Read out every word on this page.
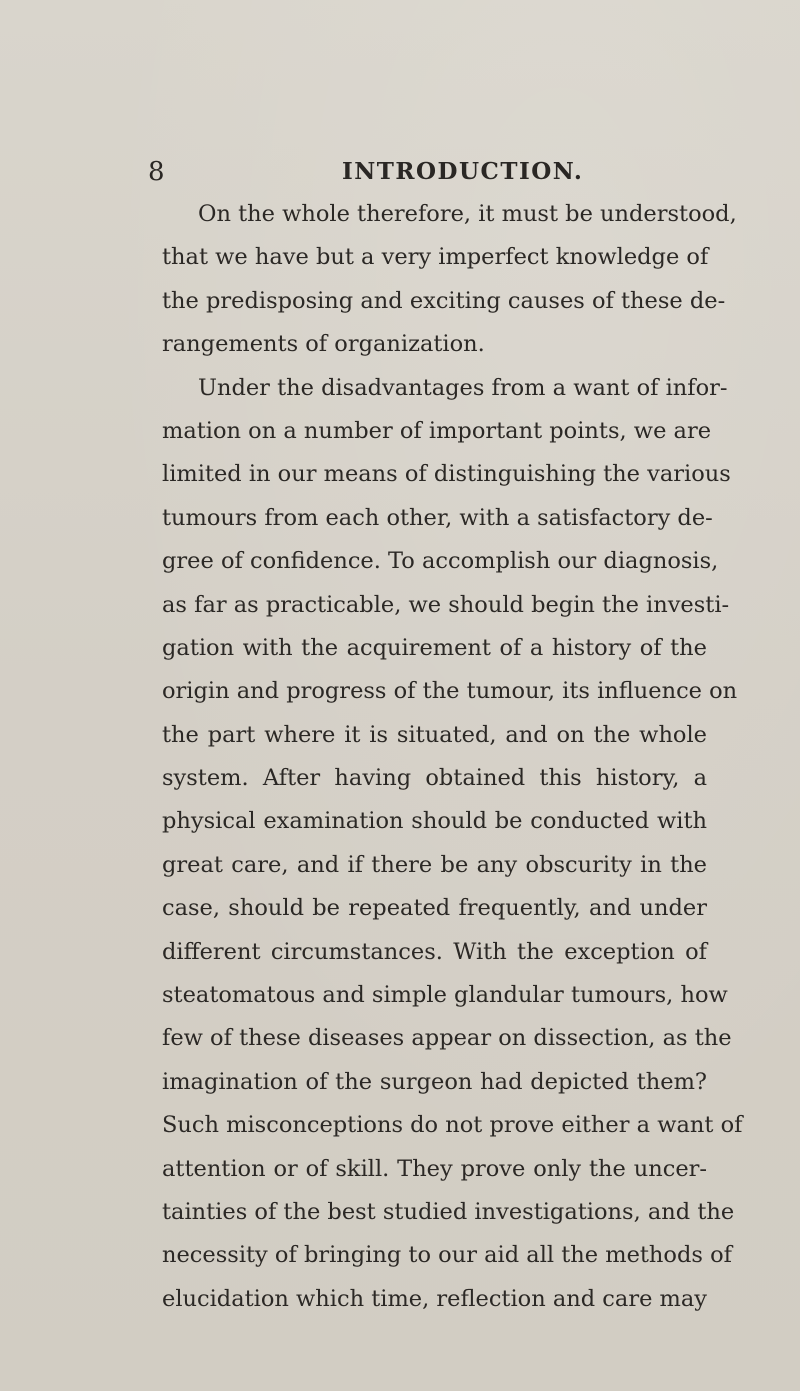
8	INTRODUCTION.
On the whole therefore, it must be understood,
that we have but a very imperfect knowledge of
the predisposing and exciting causes of these de-
rangements of organization.
Under the disadvantages from a want of infor-
mation on a number of important points, we are
limited in our means of distinguishing the various
tumours from each other, with a satisfactory de-
gree of confidence. To accomplish our diagnosis,
as far as practicable, we should begin the investi-
gation with the acquirement of a history of the
origin and progress of the tumour, its influence on
the part where it is situated, and on the whole
system. After having obtained this history, a
physical examination should be conducted with
great care, and if there be any obscurity in the
case, should be repeated frequently, and under
different circumstances. With the exception of
steatomatous and simple glandular tumours, how
few of these diseases appear on dissection, as the
imagination of the surgeon had depicted them?
Such misconceptions do not prove either a want of
attention or of skill. They prove only the uncer-
tainties of the best studied investigations, and the
necessity of bringing to our aid all the methods of
elucidation which time, reflection and care may
